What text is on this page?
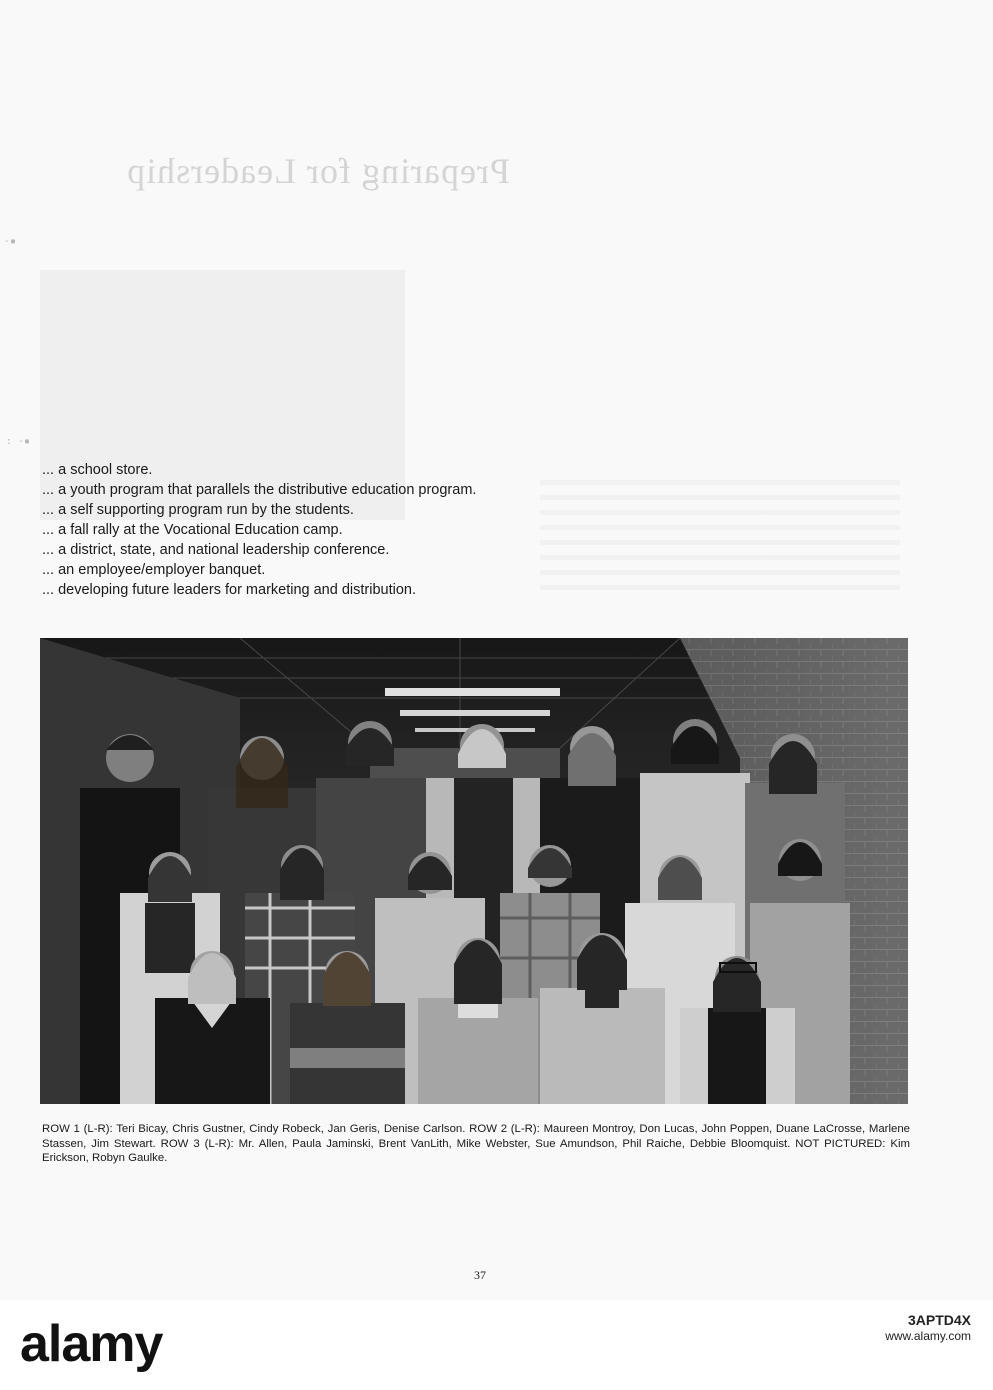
Preparing for Leadership
-▪
: -▪
... a school store.
... a youth program that parallels the distributive education program.
... a self supporting program run by the students.
... a fall rally at the Vocational Education camp.
... a district, state, and national leadership conference.
... an employee/employer banquet.
... developing future leaders for marketing and distribution.
ROW 1 (L-R): Teri Bicay, Chris Gustner, Cindy Robeck, Jan Geris, Denise Carlson. ROW 2 (L-R): Maureen Montroy, Don Lucas, John Poppen, Duane LaCrosse, Marlene Stassen, Jim Stewart. ROW 3 (L-R): Mr. Allen, Paula Jaminski, Brent VanLith, Mike Webster, Sue Amundson, Phil Raiche, Debbie Bloomquist. NOT PICTURED: Kim Erickson, Robyn Gaulke.
37
alamy	3APTD4X
www.alamy.com
